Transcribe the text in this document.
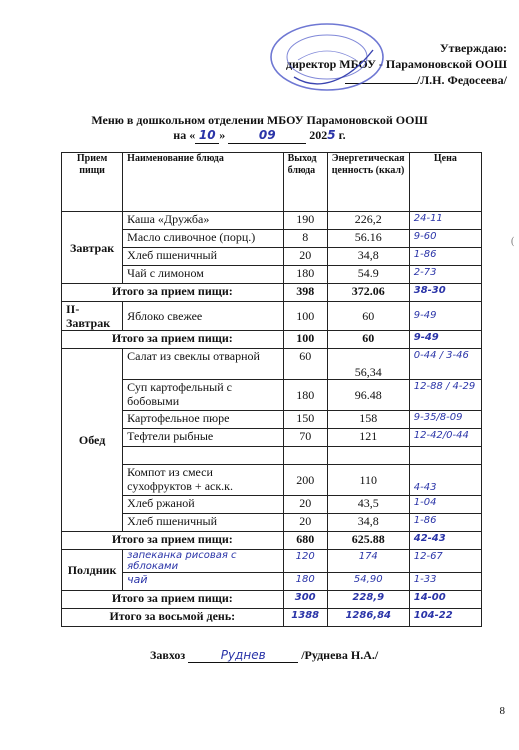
Утверждаю:
директор МБОУ - Парамоновской ООШ
/Л.Н. Федосеева/
Меню в дошкольном отделении МБОУ Парамоновской ООШ
на « 10 »	09	2025 г.
Прием пищи	Наименование блюда	Выход блюда	Энергетическая ценность (ккал)	Цена
Завтрак	Каша «Дружба»	190	226,2	24-11
	Масло сливочное (порц.)	8	56.16	9-60
	Хлеб пшеничный	20	34,8	1-86
	Чай с лимоном	180	54.9	2-73
Итого за прием пищи:		398	372.06	38-30
II-Завтрак	Яблоко свежее	100	60	9-49
Итого за прием пищи:		100	60	9-49
Обед	Салат из свеклы отварной	60	56,34	0-44 / 3-46
	Суп картофельный с бобовыми	180	96.48	12-88 / 4-29
	Картофельное пюре	150	158	9-35/8-09
	Тефтели рыбные	70	121	12-42/0-44

	Компот из смеси сухофруктов + аск.к.	200	110	4-43
	Хлеб ржаной	20	43,5	1-04
	Хлеб пшеничный	20	34,8	1-86
Итого за прием пищи:		680	625.88	42-43
Полдник	запеканка рисовая с яблоками	120	174	12-67
	чай	180	54,90	1-33
Итого за прием пищи:		300	228,9	14-00
Итого за восьмой день:		1388	1286,84	104-22
Завхоз	Руднев	/Руднева Н.А./
(
8
